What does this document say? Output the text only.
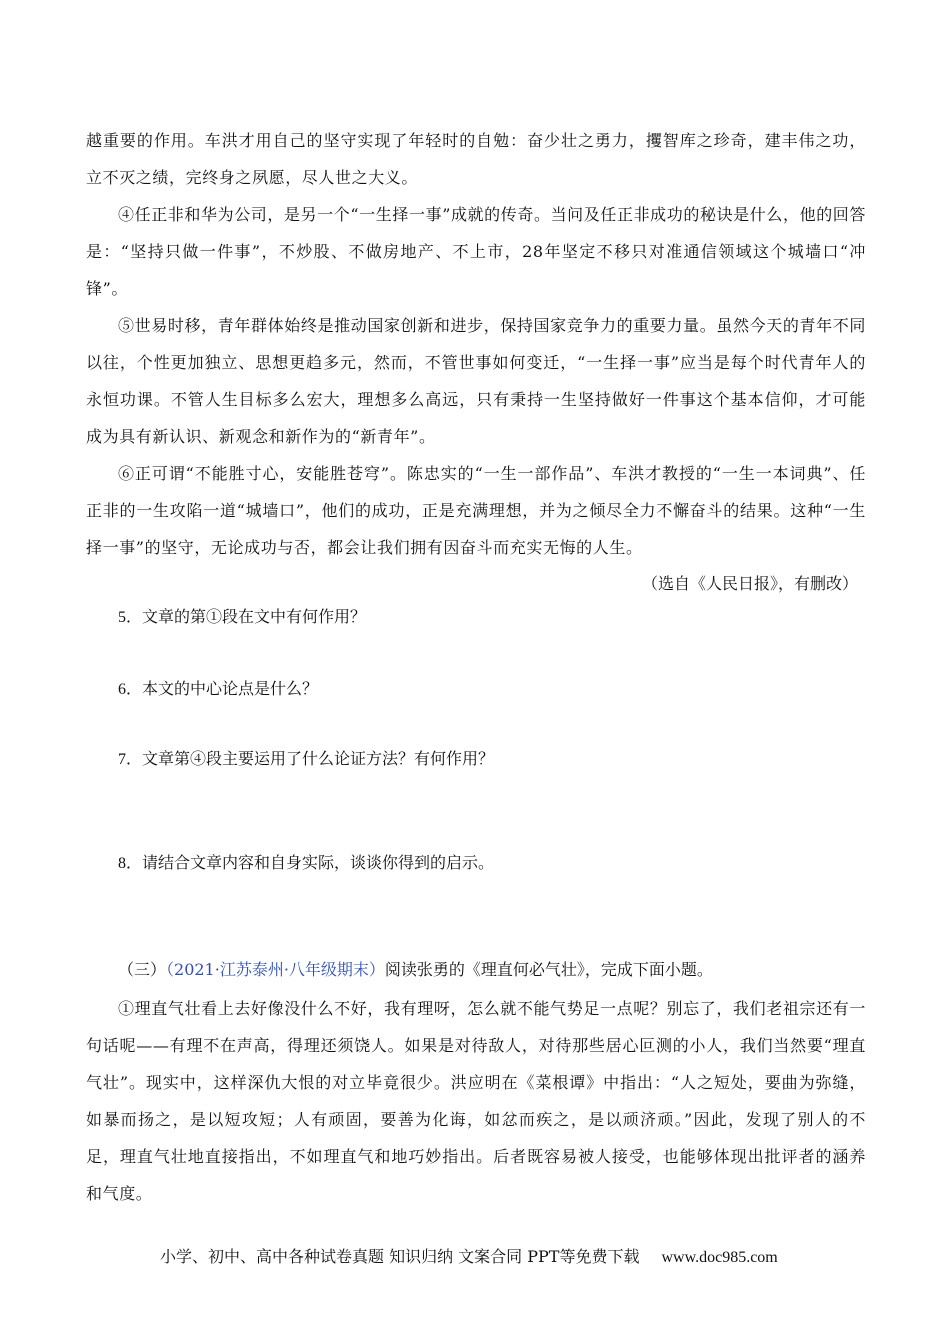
越重要的作用。车洪才用自己的坚守实现了年轻时的自勉：奋少壮之勇力，攫智库之珍奇，建丰伟之功，立不灭之绩，完终身之夙愿，尽人世之大义。

④任正非和华为公司，是另一个“一生择一事”成就的传奇。当问及任正非成功的秘诀是什么，他的回答是：“坚持只做一件事”，不炒股、不做房地产、不上市，28年坚定不移只对准通信领域这个城墙口“冲锋”。

⑤世易时移，青年群体始终是推动国家创新和进步，保持国家竞争力的重要力量。虽然今天的青年不同以往，个性更加独立、思想更趋多元，然而，不管世事如何变迁，“一生择一事”应当是每个时代青年人的永恒功课。不管人生目标多么宏大，理想多么高远，只有秉持一生坚持做好一件事这个基本信仰，才可能成为具有新认识、新观念和新作为的“新青年”。

⑥正可谓“不能胜寸心，安能胜苍穹”。陈忠实的“一生一部作品”、车洪才教授的“一生一本词典”、任正非的一生攻陷一道“城墙口”，他们的成功，正是充满理想，并为之倾尽全力不懈奋斗的结果。这种“一生择一事”的坚守，无论成功与否，都会让我们拥有因奋斗而充实无悔的人生。

（选自《人民日报》，有删改）

5．文章的第①段在文中有何作用？

6．本文的中心论点是什么？

7．文章第④段主要运用了什么论证方法？有何作用？

8．请结合文章内容和自身实际，谈谈你得到的启示。

（三）（2021·江苏泰州·八年级期末）阅读张勇的《理直何必气壮》，完成下面小题。

①理直气壮看上去好像没什么不好，我有理呀，怎么就不能气势足一点呢？别忘了，我们老祖宗还有一句话呢——有理不在声高，得理还须饶人。如果是对待敌人，对待那些居心叵测的小人，我们当然要“理直气壮”。现实中，这样深仇大恨的对立毕竟很少。洪应明在《菜根谭》中指出：“人之短处，要曲为弥缝，如暴而扬之，是以短攻短；人有顽固，要善为化诲，如忿而疾之，是以顽济顽。”因此，发现了别人的不足，理直气壮地直接指出，不如理直气和地巧妙指出。后者既容易被人接受，也能够体现出批评者的涵养和气度。

小学、初中、高中各种试卷真题 知识归纳 文案合同 PPT等免费下载 www.doc985.com
